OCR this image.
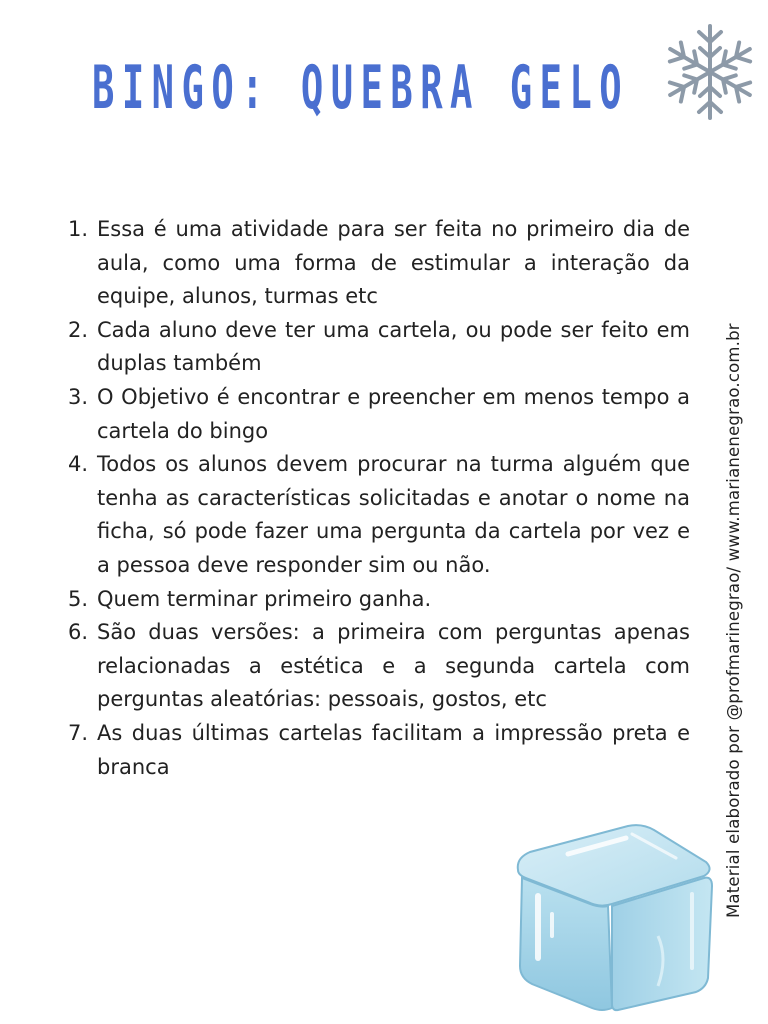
BINGO: QUEBRA GELO
1. Essa é uma atividade para ser feita no primeiro dia de aula, como uma forma de estimular a interação da equipe, alunos, turmas etc
2. Cada aluno deve ter uma cartela, ou pode ser feito em duplas também
3. O Objetivo é encontrar e preencher em menos tempo a cartela do bingo
4. Todos os alunos devem procurar na turma alguém que tenha as características solicitadas e anotar o nome na ficha, só pode fazer uma pergunta da cartela por vez e a pessoa deve responder sim ou não.
5. Quem terminar primeiro ganha.
6. São duas versões: a primeira com perguntas apenas relacionadas a estética e a segunda cartela com perguntas aleatórias: pessoais, gostos, etc
7. As duas últimas cartelas facilitam a impressão preta e branca	Material elaborado por @profmarinegrao/ www.marianenegrao.com.br
